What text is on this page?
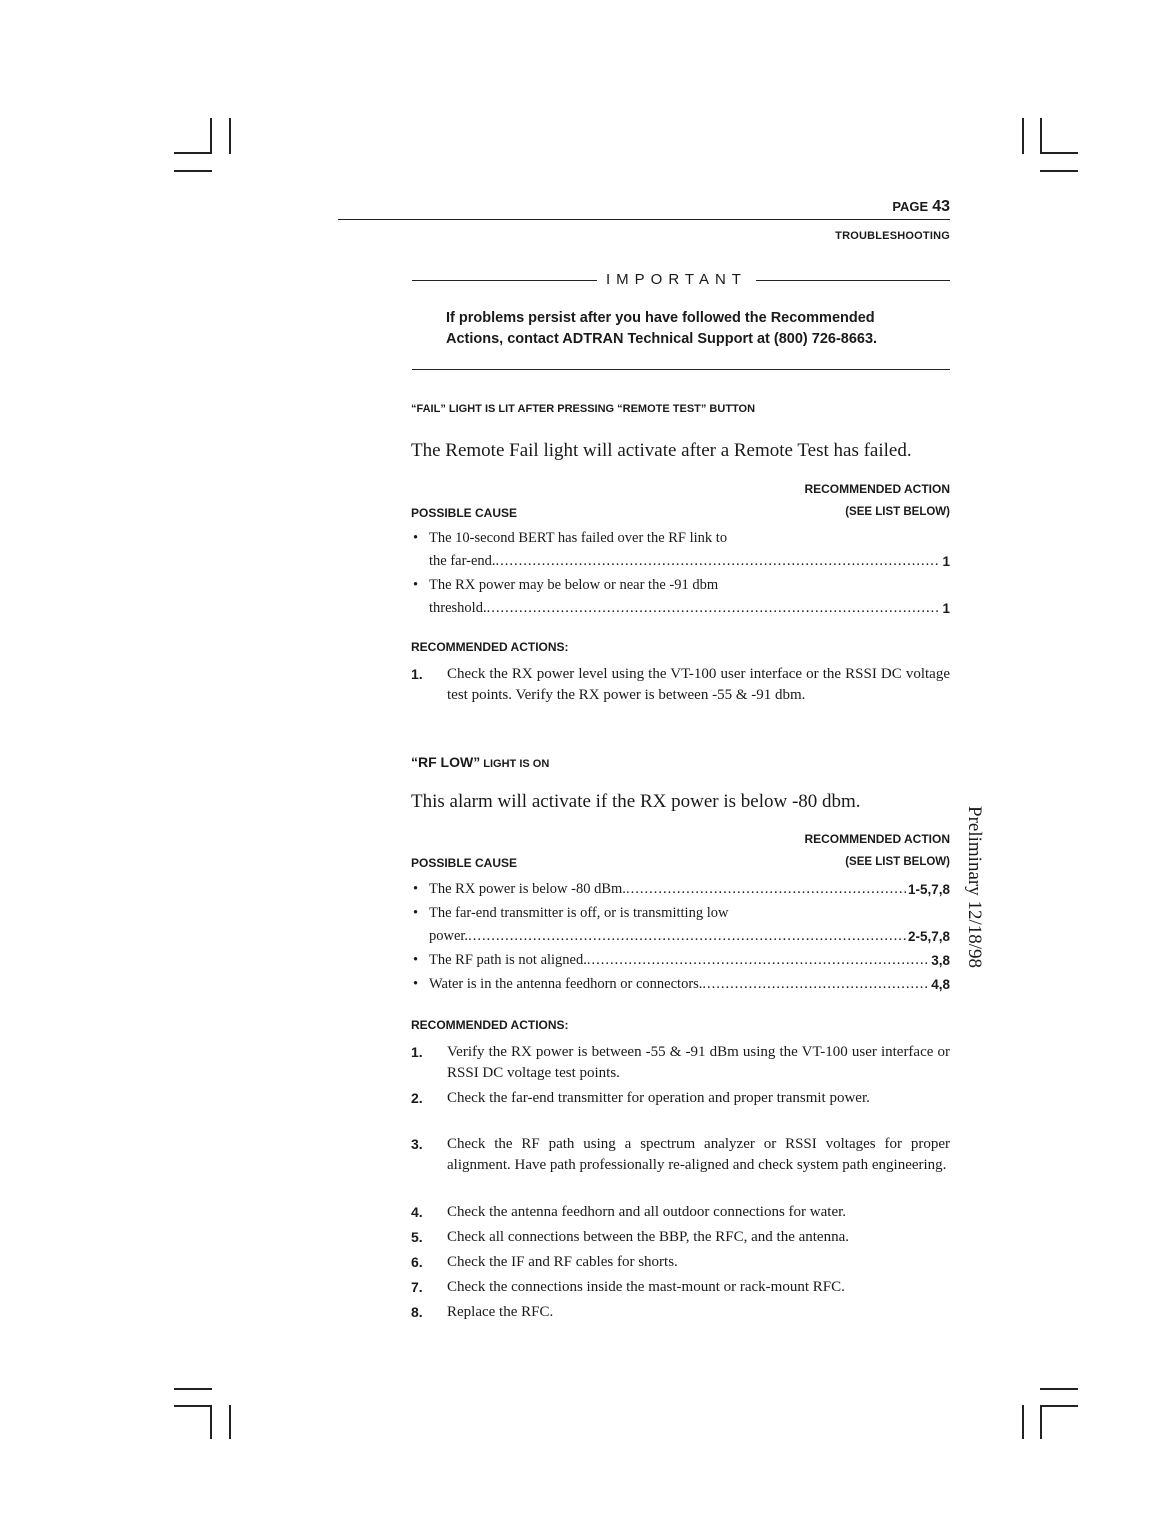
PAGE 43
TROUBLESHOOTING
IMPORTANT
If problems persist after you have followed the Recommended Actions, contact ADTRAN Technical Support at (800) 726-8663.
“FAIL” LIGHT IS LIT AFTER PRESSING “REMOTE TEST” BUTTON
The Remote Fail light will activate after a Remote Test has failed.
RECOMMENDED ACTION
POSSIBLE CAUSE	(SEE LIST BELOW)
• The 10-second BERT has failed over the RF link to
the far-end. .....	1
• The RX power may be below or near the -91 dbm
threshold. .....	1
RECOMMENDED ACTIONS:
1. Check the RX power level using the VT-100 user interface or the RSSI DC voltage test points. Verify the RX power is between -55 & -91 dbm.
“RF LOW” LIGHT IS ON
This alarm will activate if the RX power is below -80 dbm.
RECOMMENDED ACTION
POSSIBLE CAUSE	(SEE LIST BELOW)
• The RX power is below -80 dBm. .....	1-5,7,8
• The far-end transmitter is off, or is transmitting low
power. .....	2-5,7,8
• The RF path is not aligned. .....	3,8
• Water is in the antenna feedhorn or connectors. .....	4,8
RECOMMENDED ACTIONS:
1. Verify the RX power is between -55 & -91 dBm using the VT-100 user interface or RSSI DC voltage test points.
2. Check the far-end transmitter for operation and proper transmit power.
3. Check the RF path using a spectrum analyzer or RSSI voltages for proper alignment. Have path professionally re-aligned and check system path engineering.
4. Check the antenna feedhorn and all outdoor connections for water.
5. Check all connections between the BBP, the RFC, and the antenna.
6. Check the IF and RF cables for shorts.
7. Check the connections inside the mast-mount or rack-mount RFC.
8. Replace the RFC.
Preliminary 12/18/98
